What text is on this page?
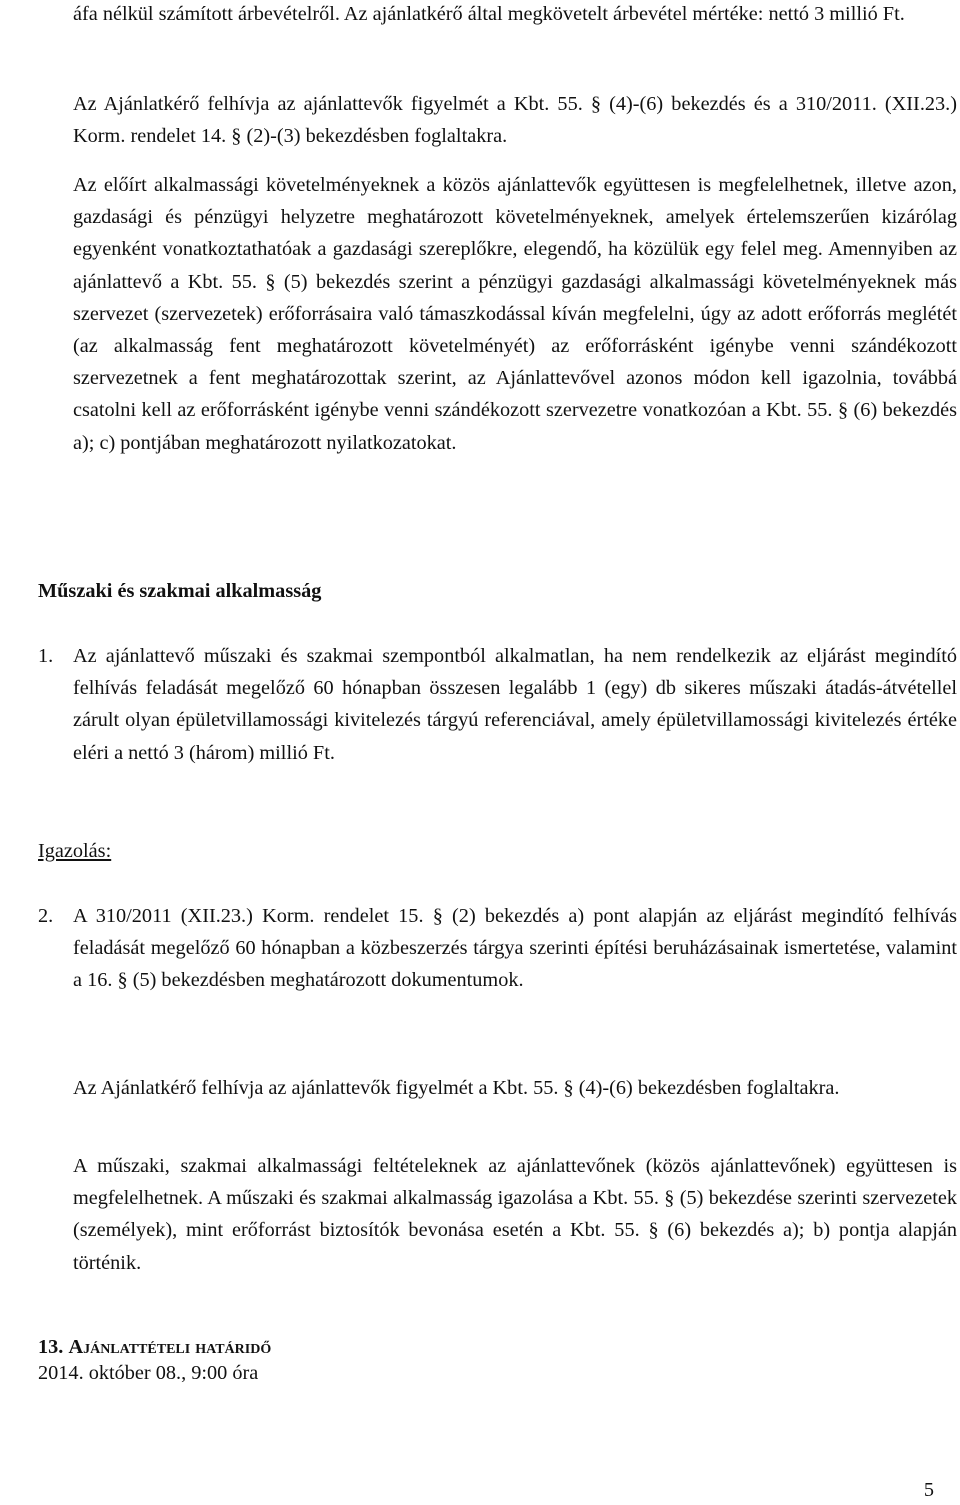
áfa nélkül számított árbevételről. Az ajánlatkérő által megkövetelt árbevétel mértéke: nettó 3 millió Ft.

Az Ajánlatkérő felhívja az ajánlattevők figyelmét a Kbt. 55. § (4)-(6) bekezdés és a 310/2011. (XII.23.) Korm. rendelet 14. § (2)-(3) bekezdésben foglaltakra.

Az előírt alkalmassági követelményeknek a közös ajánlattevők együttesen is megfelelhetnek, illetve azon, gazdasági és pénzügyi helyzetre meghatározott követelményeknek, amelyek értelemszerűen kizárólag egyenként vonatkoztathatóak a gazdasági szereplőkre, elegendő, ha közülük egy felel meg. Amennyiben az ajánlattevő a Kbt. 55. § (5) bekezdés szerint a pénzügyi gazdasági alkalmassági követelményeknek más szervezet (szervezetek) erőforrásaira való támaszkodással kíván megfelelni, úgy az adott erőforrás meglétét (az alkalmasság fent meghatározott követelményét) az erőforrásként igénybe venni szándékozott szervezetnek a fent meghatározottak szerint, az Ajánlattevővel azonos módon kell igazolnia, továbbá csatolni kell az erőforrásként igénybe venni szándékozott szervezetre vonatkozóan a Kbt. 55. § (6) bekezdés a); c) pontjában meghatározott nyilatkozatokat.

Műszaki és szakmai alkalmasság

1. Az ajánlattevő műszaki és szakmai szempontból alkalmatlan, ha nem rendelkezik az eljárást megindító felhívás feladását megelőző 60 hónapban összesen legalább 1 (egy) db sikeres műszaki átadás-átvétellel zárult olyan épületvillamossági kivitelezés tárgyú referenciával, amely épületvillamossági kivitelezés értéke eléri a nettó 3 (három) millió Ft.

Igazolás:

2. A 310/2011 (XII.23.) Korm. rendelet 15. § (2) bekezdés a) pont alapján az eljárást megindító felhívás feladását megelőző 60 hónapban a közbeszerzés tárgya szerinti építési beruházásainak ismertetése, valamint a 16. § (5) bekezdésben meghatározott dokumentumok.

Az Ajánlatkérő felhívja az ajánlattevők figyelmét a Kbt. 55. § (4)-(6) bekezdésben foglaltakra.

A műszaki, szakmai alkalmassági feltételeknek az ajánlattevőnek (közös ajánlattevőnek) együttesen is megfelelhetnek. A műszaki és szakmai alkalmasság igazolása a Kbt. 55. § (5) bekezdése szerinti szervezetek (személyek), mint erőforrást biztosítók bevonása esetén a Kbt. 55. § (6) bekezdés a); b) pontja alapján történik.

13. Ajánlattételi határidő

2014. október 08., 9:00 óra

5
